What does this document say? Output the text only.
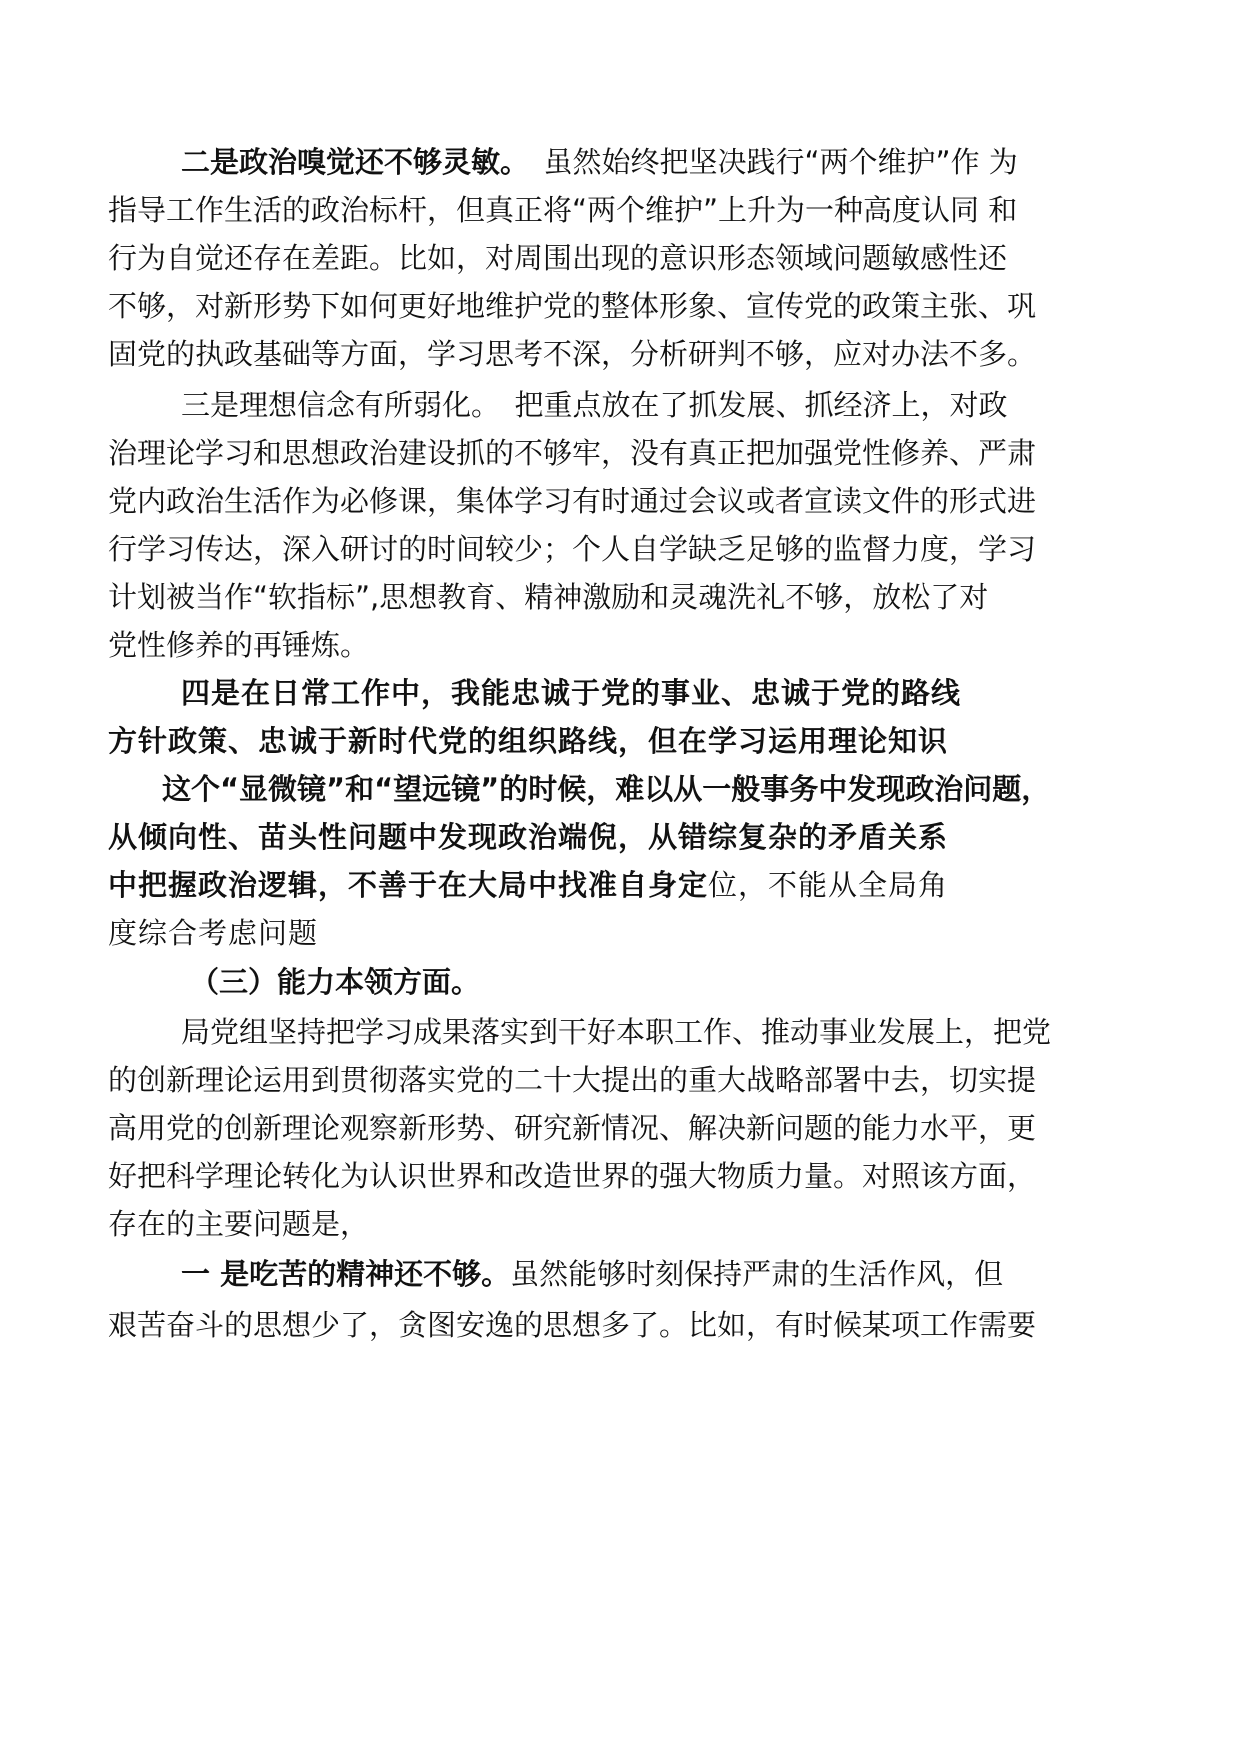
二是政治嗅觉还不够灵敏。　虽然始终把坚决践行“两个维护”作 为
指导工作生活的政治标杆，但真正将“两个维护”上升为一种高度认同 和
行为自觉还存在差距。比如，对周围出现的意识形态领域问题敏感性还
不够，对新形势下如何更好地维护党的整体形象、宣传党的政策主张、巩
固党的执政基础等方面，学习思考不深，分析研判不够，应对办法不多。
三是理想信念有所弱化。　把重点放在了抓发展、抓经济上，对政
治理论学习和思想政治建设抓的不够牢，没有真正把加强党性修养、严肃
党内政治生活作为必修课，集体学习有时通过会议或者宣读文件的形式进
行学习传达，深入研讨的时间较少；个人自学缺乏足够的监督力度，学习
计划被当作“软指标”,思想教育、精神激励和灵魂洗礼不够，放松了对
党性修养的再锤炼。
四是在日常工作中，我能忠诚于党的事业、忠诚于党的路线
方针政策、忠诚于新时代党的组织路线，但在学习运用理论知识
这个“显微镜”和“望远镜”的时候，难以从一般事务中发现政治问题，
从倾向性、苗头性问题中发现政治端倪，从错综复杂的矛盾关系
中把握政治逻辑，不善于在大局中找准自身定位，不能从全局角
度综合考虑问题
（三）能力本领方面。
局党组坚持把学习成果落实到干好本职工作、推动事业发展上，把党
的创新理论运用到贯彻落实党的二十大提出的重大战略部署中去，切实提
高用党的创新理论观察新形势、研究新情况、解决新问题的能力水平，更
好把科学理论转化为认识世界和改造世界的强大物质力量。对照该方面，
存在的主要问题是，
一 是吃苦的精神还不够。虽然能够时刻保持严肃的生活作风，但
艰苦奋斗的思想少了，贪图安逸的思想多了。比如，有时候某项工作需要
